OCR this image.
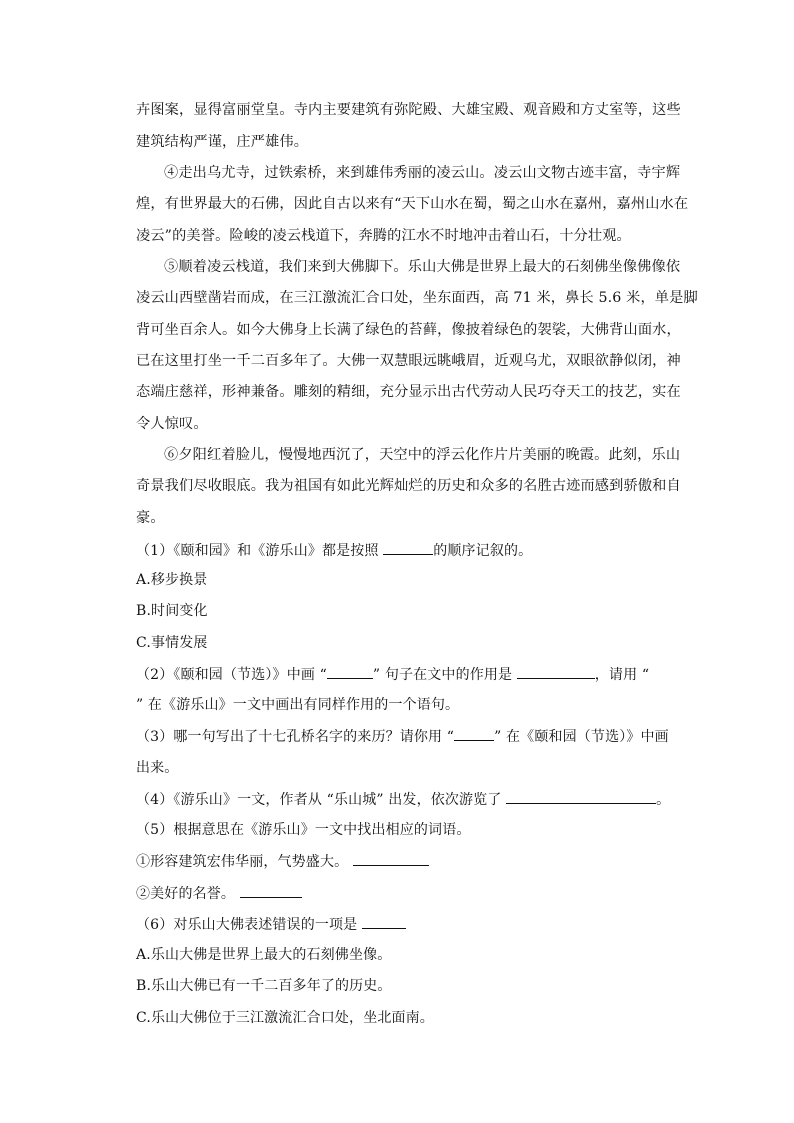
卉图案，显得富丽堂皇。寺内主要建筑有弥陀殿、大雄宝殿、观音殿和方丈室等，这些
建筑结构严谨，庄严雄伟。
④走出乌尤寺，过铁索桥，来到雄伟秀丽的凌云山。凌云山文物古迹丰富，寺宇辉
煌，有世界最大的石佛，因此自古以来有“天下山水在蜀，蜀之山水在嘉州，嘉州山水在
凌云”的美誉。险峻的凌云栈道下，奔腾的江水不时地冲击着山石，十分壮观。
⑤顺着凌云栈道，我们来到大佛脚下。乐山大佛是世界上最大的石刻佛坐像佛像依
凌云山西壁凿岩而成，在三江激流汇合口处，坐东面西，高 71 米，鼻长 5.6 米，单是脚
背可坐百余人。如今大佛身上长满了绿色的苔藓，像披着绿色的袈裟，大佛背山面水，
已在这里打坐一千二百多年了。大佛一双慧眼远眺峨眉，近观乌尤，双眼欲静似闭，神
态端庄慈祥，形神兼备。雕刻的精细，充分显示出古代劳动人民巧夺天工的技艺，实在
令人惊叹。
⑥夕阳红着脸儿，慢慢地西沉了，天空中的浮云化作片片美丽的晚霞。此刻，乐山
奇景我们尽收眼底。我为祖国有如此光辉灿烂的历史和众多的名胜古迹而感到骄傲和自
豪。
（1）《颐和园》和《游乐山》都是按照	的顺序记叙的。
A.移步换景
B.时间变化
C.事情发展
（2）《颐和园（节选）》中画 “	” 句子在文中的作用是	，请用 “
” 在《游乐山》一文中画出有同样作用的一个语句。
（3）哪一句写出了十七孔桥名字的来历？请你用 “	” 在《颐和园（节选）》中画
出来。
（4）《游乐山》一文，作者从 “乐山城” 出发，依次游览了	。
（5）根据意思在《游乐山》一文中找出相应的词语。
①形容建筑宏伟华丽，气势盛大。
②美好的名誉。
（6）对乐山大佛表述错误的一项是
A.乐山大佛是世界上最大的石刻佛坐像。
B.乐山大佛已有一千二百多年了的历史。
C.乐山大佛位于三江激流汇合口处，坐北面南。
